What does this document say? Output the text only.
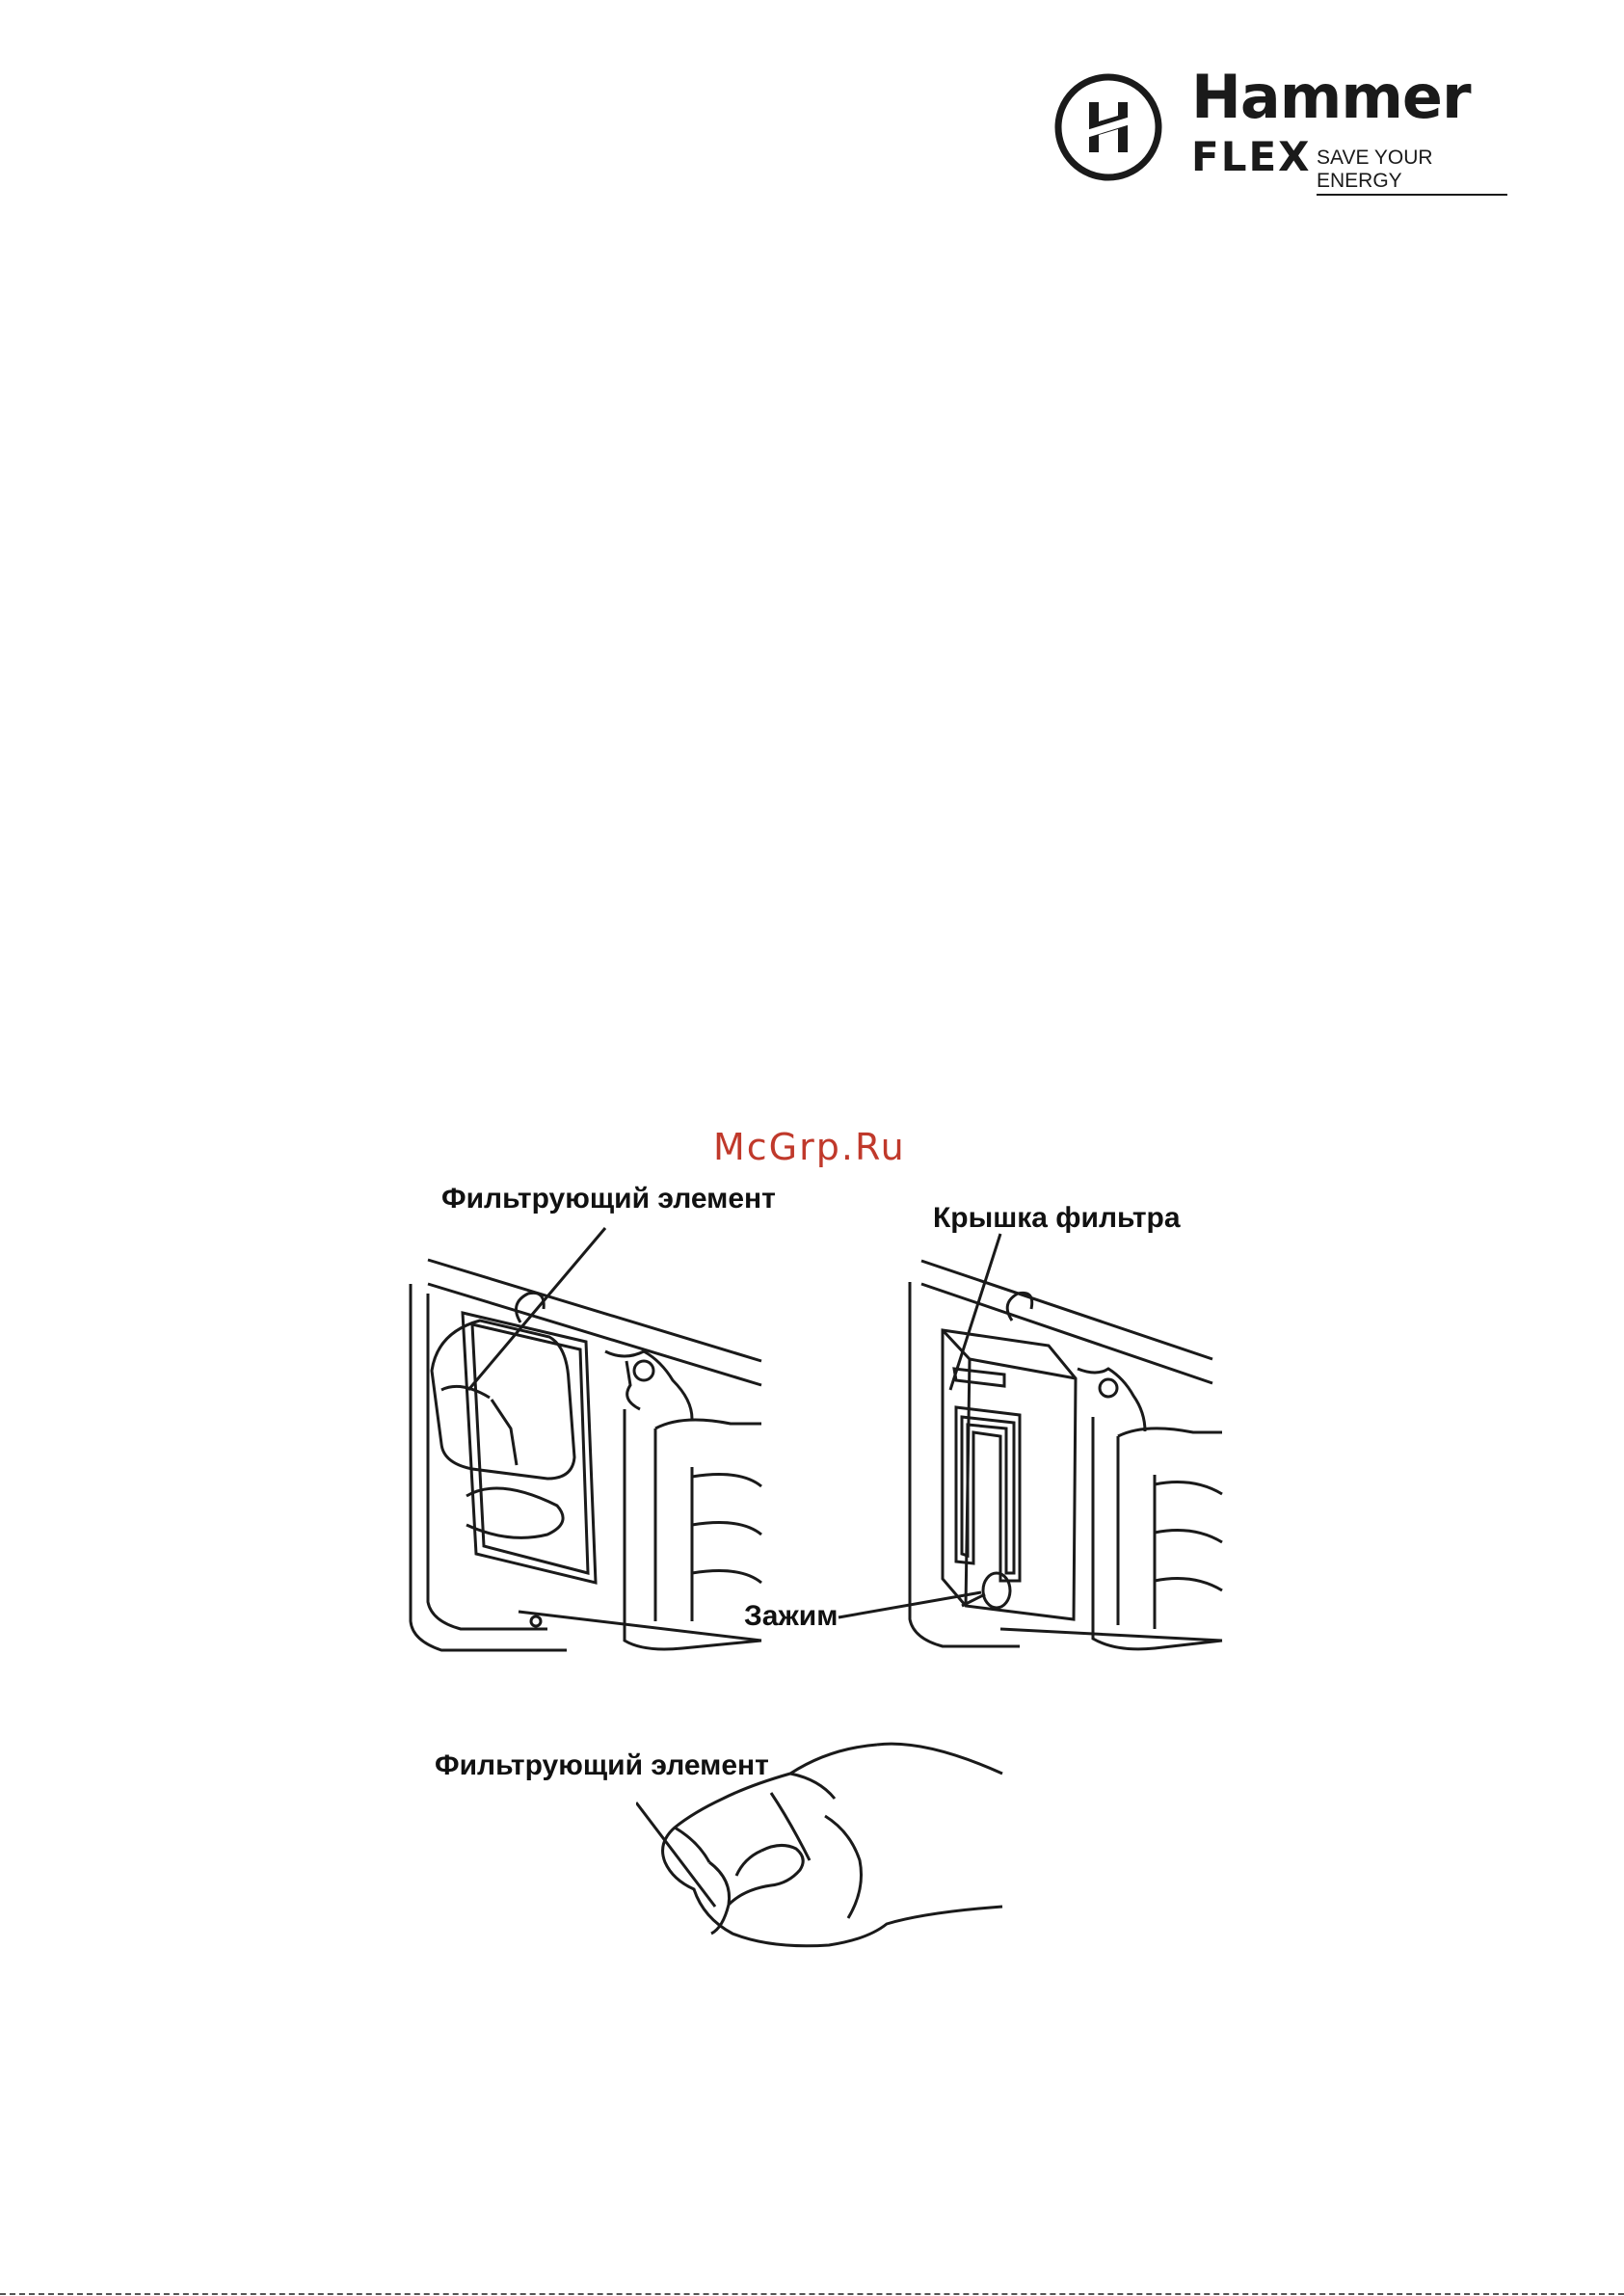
Hammer
FLEX SAVE YOUR ENERGY
McGrp.Ru
Фильтрующий элемент
Крышка фильтра
Зажим
Фильтрующий элемент
